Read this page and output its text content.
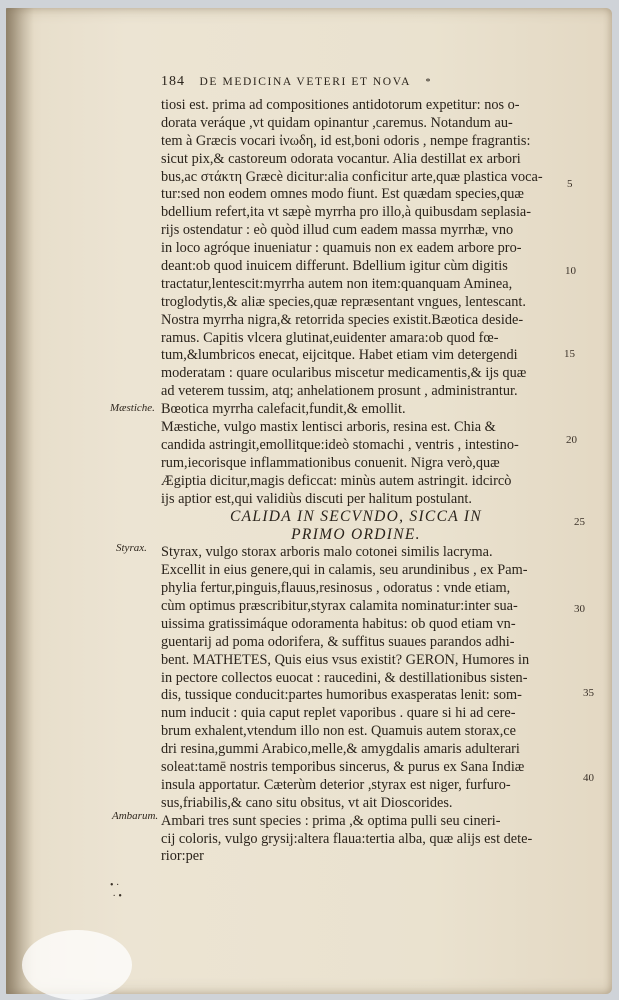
184 DE MEDICINA VETERI ET NOVA *
tiosi est. prima ad compositiones antidotorum expetitur: nos o-
dorata veráque ,vt quidam opinantur ,caremus. Notandum au-
tem à Græcis vocari ἰνωδη, id est,boni odoris , nempe fragrantis:
sicut pix,& castoreum odorata vocantur. Alia destillat ex arbori
bus,ac στάκτη Græcè dicitur:alia conficitur arte,quæ plastica voca-
tur:sed non eodem omnes modo fiunt. Est quædam species,quæ
bdellium refert,ita vt sæpè myrrha pro illo,à quibusdam seplasia-
rijs ostendatur : eò quòd illud cum eadem massa myrrhæ, vno
in loco agróque inueniatur : quamuis non ex eadem arbore pro-
deant:ob quod inuicem differunt. Bdellium igitur cùm digitis
tractatur,lentescit:myrrha autem non item:quanquam Aminea,
troglodytis,& aliæ species,quæ repræsentant vngues, lentescant.
Nostra myrrha nigra,& retorrida species existit.Bæotica deside-
ramus. Capitis vlcera glutinat,euidenter amara:ob quod fœ-
tum,&lumbricos enecat, eijcitque. Habet etiam vim detergendi
moderatam : quare ocularibus miscetur medicamentis,& ijs quæ
ad veterem tussim, atq; anhelationem prosunt , administrantur.
Bœotica myrrha calefacit,fundit,& emollit.
Mæstiche, vulgo mastix lentisci arboris, resina est. Chia &
candida astringit,emollitque:ideò stomachi , ventris , intestino-
rum,iecorisque inflammationibus conuenit. Nigra verò,quæ
Ægiptia dicitur,magis deficcat: minùs autem astringit. idcircò
ijs aptior est,qui validiùs discuti per halitum postulant.
CALIDA IN SECVNDO, SICCA IN
PRIMO ORDINE.
Styrax, vulgo storax arboris malo cotonei similis lacryma.
Excellit in eius genere,qui in calamis, seu arundinibus , ex Pam-
phylia fertur,pinguis,flauus,resinosus , odoratus : vnde etiam,
cùm optimus præscribitur,styrax calamita nominatur:inter sua-
uissima gratissimáque odoramenta habitus: ob quod etiam vn-
guentarij ad poma odorifera, & suffitus suaues parandos adhi-
bent. MATHETES, Quis eius vsus existit? GERON, Humores in
in pectore collectos euocat : raucedini, & destillationibus sisten-
dis, tussique conducit:partes humoribus exasperatas lenit: som-
num inducit : quia caput replet vaporibus . quare si hi ad cere-
brum exhalent,vtendum illo non est. Quamuis autem storax,ce
dri resina,gummi Arabico,melle,& amygdalis amaris adulterari
soleat:tamē nostris temporibus sincerus, & purus ex Sana Indiæ
insula apportatur. Cæterùm deterior ,styrax est niger, furfuro-
sus,friabilis,& cano situ obsitus, vt ait Dioscorides.
Ambari tres sunt species : prima ,& optima pulli seu cineri-
cij coloris, vulgo grysij:altera flaua:tertia alba, quæ alijs est dete-
rior:per
Mæstiche.
Styrax.
Ambarum.
5
10
15
20
25
30
35
40
• ·
· •
